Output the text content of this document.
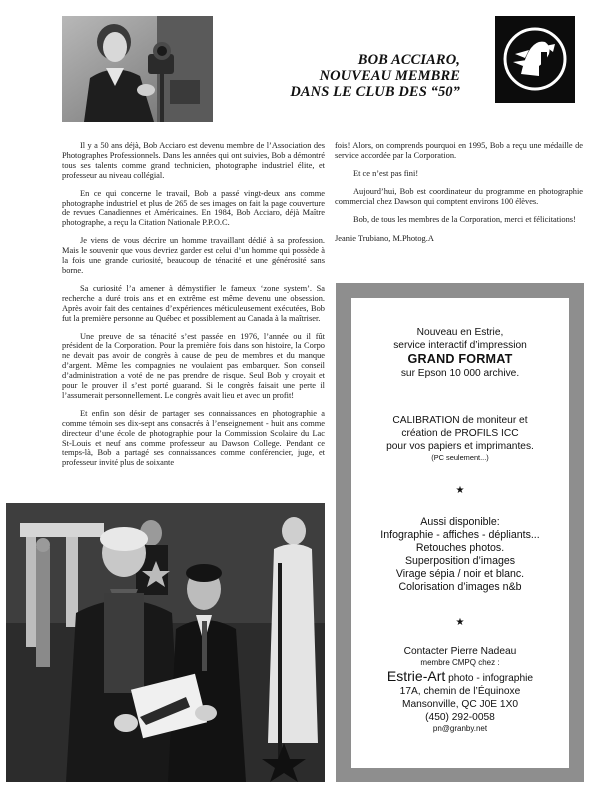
BOB ACCIARO,
NOUVEAU MEMBRE
DANS LE CLUB DES “50”

Il y a 50 ans déjà, Bob Acciaro est devenu membre de l’Association des Photographes Professionnels. Dans les années qui ont suivies, Bob a démontré tous ses talents comme grand technicien, photographe industriel élite, et professeur au niveau collégial.

En ce qui concerne le travail, Bob a passé vingt-deux ans comme photographe industriel et plus de 265 de ses images on fait la page couverture de revues Canadiennes et Américaines. En 1984, Bob Acciaro, déjà Maître photographe, a reçu la Citation Nationale P.P.O.C.

Je viens de vous décrire un homme travaillant dédié à sa profession. Mais le souvenir que vous devriez garder est celui d’un homme qui possède à la fois une grande curiosité, beaucoup de ténacité et une générosité sans borne.

Sa curiosité l’a amener à démystifier le fameux ‘zone system’. Sa recherche a duré trois ans et en extrême est même devenu une obsession. Après avoir fait des centaines d’expériences méticuleusement exécutées, Bob fut la première personne au Québec et possiblement au Canada à la maîtriser.

Une preuve de sa ténacité s’est passée en 1976, l’année ou il fût président de la Corporation. Pour la première fois dans son histoire, la Corpo ne devait pas avoir de congrès à cause de peu de membres et du manque d’argent. Même les compagnies ne voulaient pas embarquer. Son conseil d’administration a voté de ne pas prendre de risque. Seul Bob y croyait et pour le prouver il s’est porté guarand. Si le congrès faisait une perte il l’assumerait personnellement. Le congrès avait lieu et avec un profit!

Et enfin son désir de partager ses connaissances en photographie a comme témoin ses dix-sept ans consacrés à l’enseignement - huit ans comme directeur d’une école de photographie pour la Commission Scolaire du Lac St-Louis et neuf ans comme professeur au Dawson College. Pendant ce temps-là, Bob a partagé ses connaissances comme conférencier, juge, et professeur invité plus de soixante

fois! Alors, on comprends pourquoi en 1995, Bob a reçu une médaille de service accordée par la Corporation.

Et ce n’est pas fini!

Aujourd’hui, Bob est coordinateur du programme en photographie commercial chez Dawson qui comptent environs 100 élèves.

Bob, de tous les membres de la Corporation, merci et félicitations!

Jeanie Trubiano, M.Photog.A

Nouveau en Estrie,
service interactif d’impression
GRAND FORMAT
sur Epson 10 000 archive.
CALIBRATION de moniteur et
création de PROFILS ICC
pour vos papiers et imprimantes.
(PC seulement...)
★
Aussi disponible:
Infographie - affiches - dépliants...
Retouches photos.
Superposition d’images
Virage sépia / noir et blanc.
Colorisation d’images n&b
★
Contacter Pierre Nadeau
membre CMPQ chez :
Estrie-Art photo - infographie
17A, chemin de l’Équinoxe
Mansonville, QC J0E 1X0
(450) 292-0058
pn@granby.net
